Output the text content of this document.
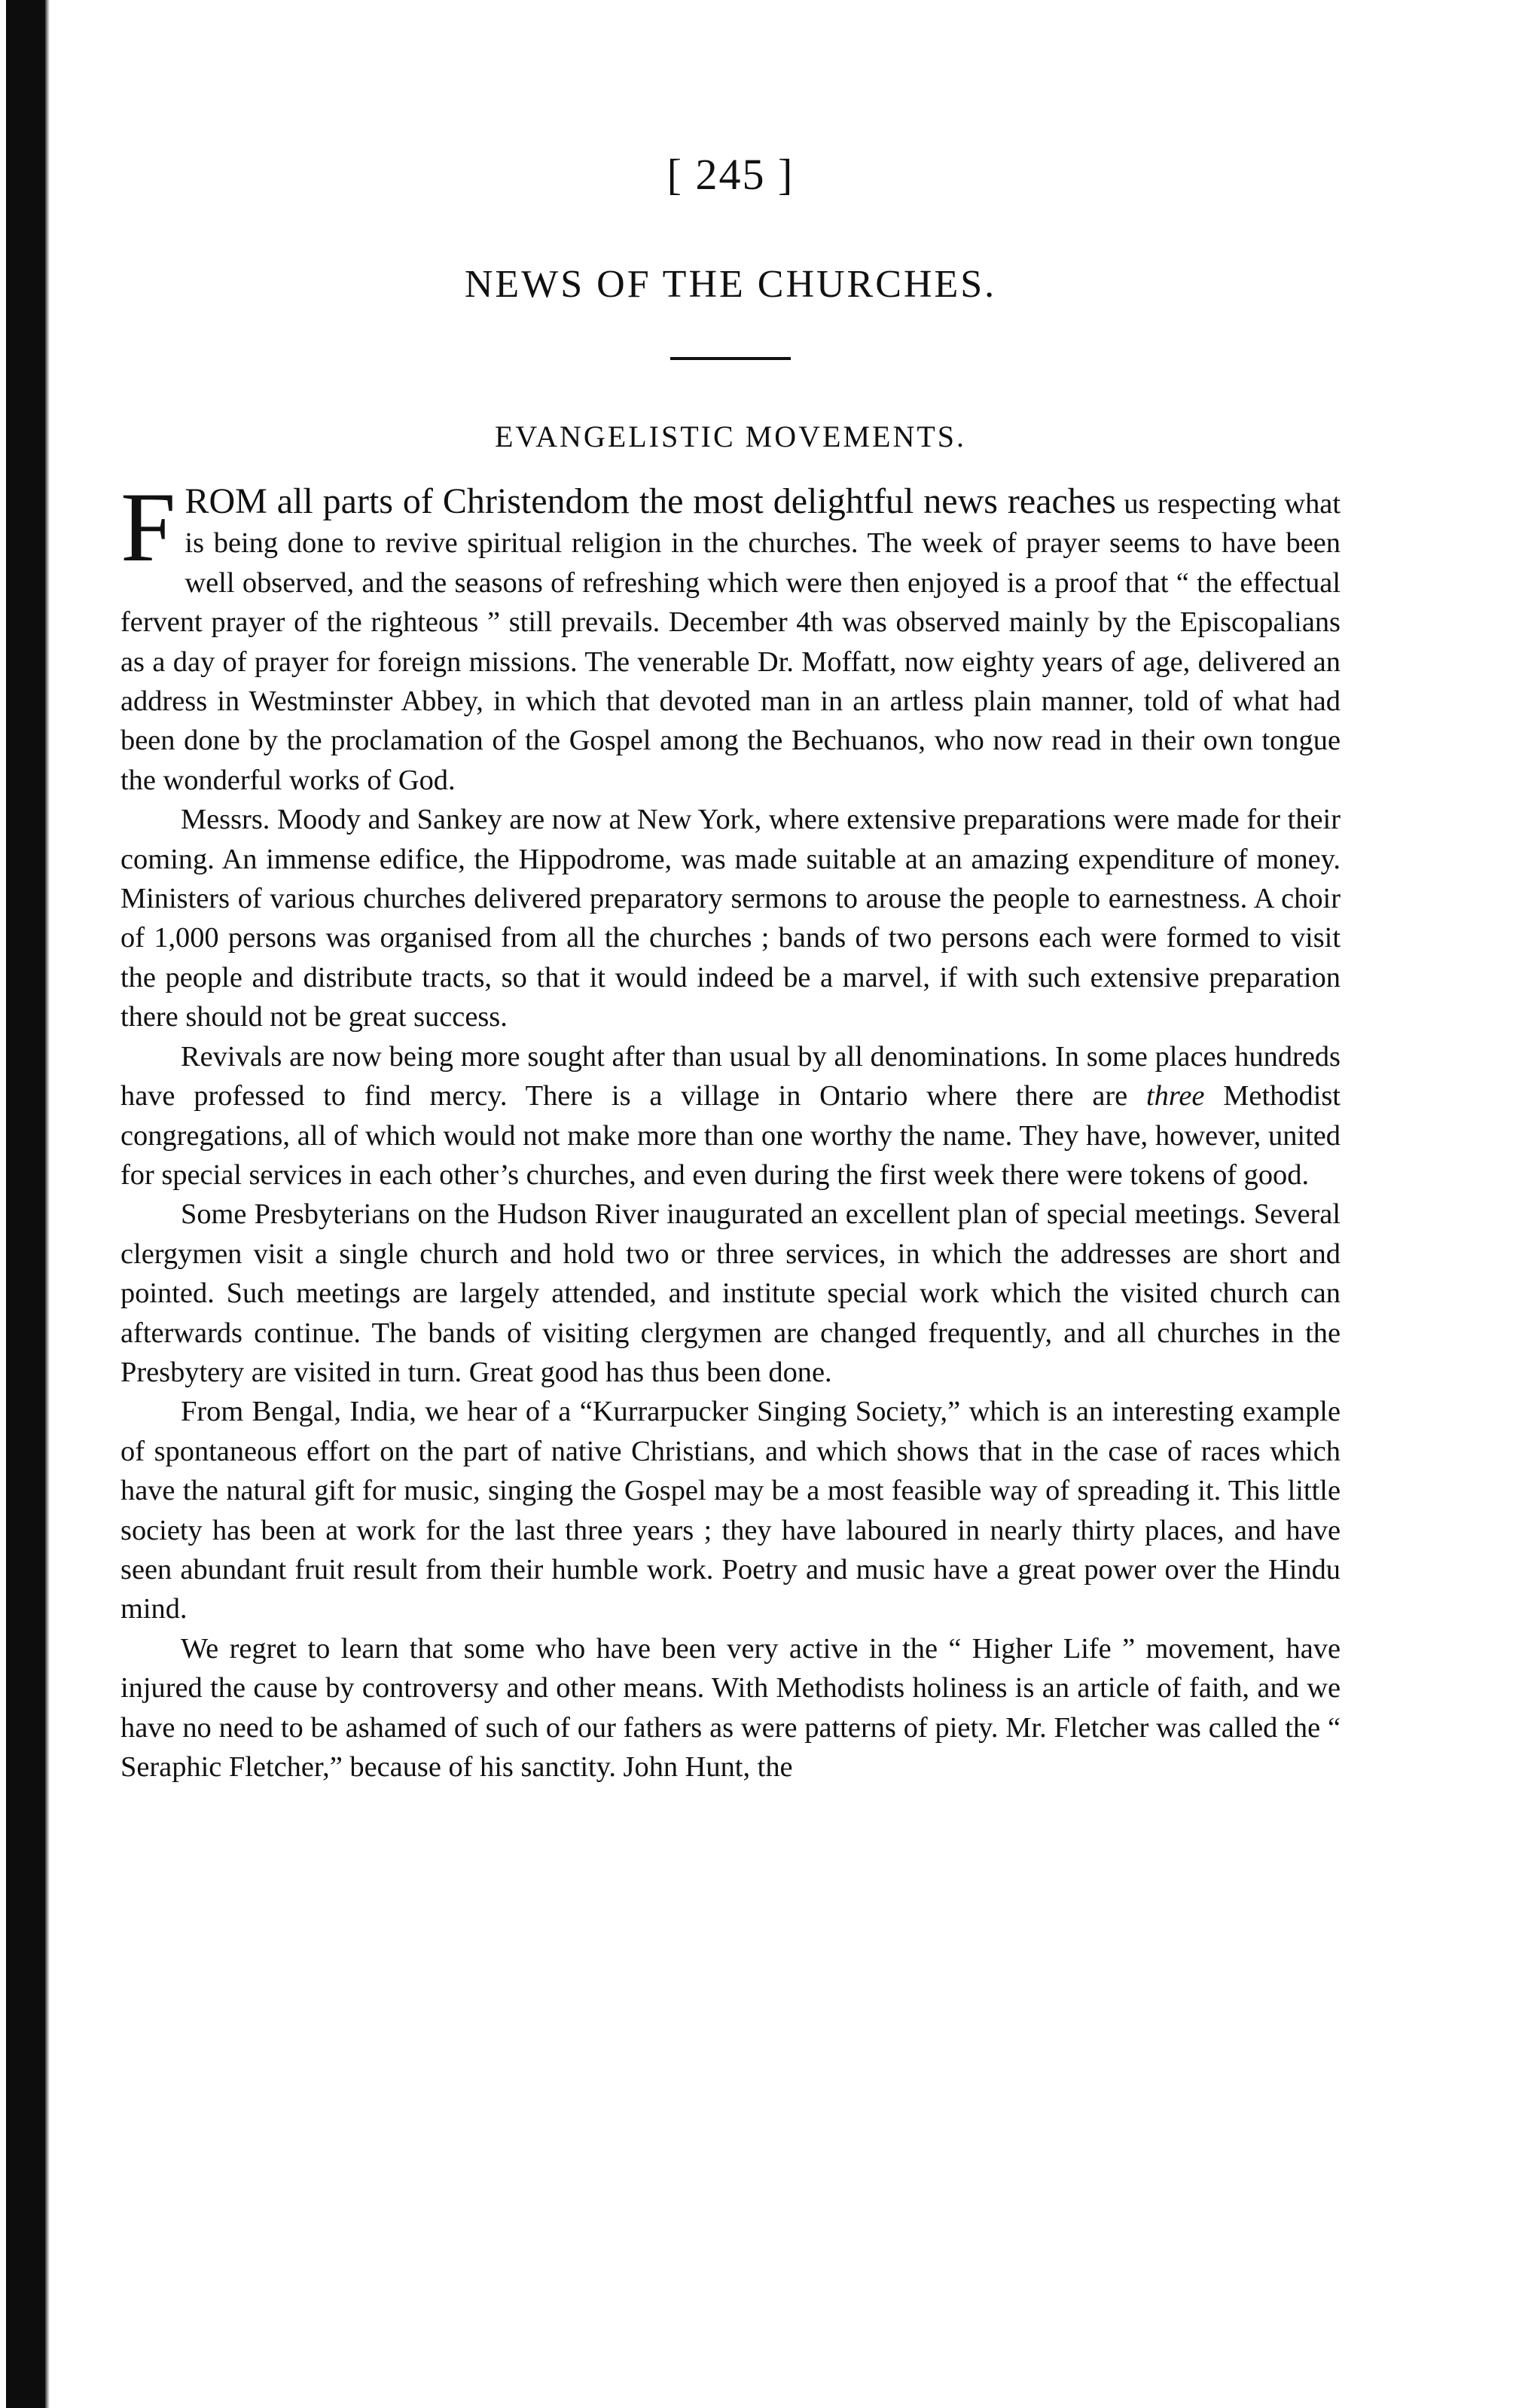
[ 245 ]
NEWS OF THE CHURCHES.
EVANGELISTIC MOVEMENTS.

FROM all parts of Christendom the most delightful news reaches us respecting what is being done to revive spiritual religion in the churches. The week of prayer seems to have been well observed, and the seasons of refreshing which were then enjoyed is a proof that “ the effectual fervent prayer of the righteous ” still prevails. December 4th was observed mainly by the Episcopalians as a day of prayer for foreign missions. The venerable Dr. Moffatt, now eighty years of age, delivered an address in Westminster Abbey, in which that devoted man in an artless plain manner, told of what had been done by the proclamation of the Gospel among the Bechuanos, who now read in their own tongue the wonderful works of God.

Messrs. Moody and Sankey are now at New York, where extensive preparations were made for their coming. An immense edifice, the Hippodrome, was made suitable at an amazing expenditure of money. Ministers of various churches delivered preparatory sermons to arouse the people to earnestness. A choir of 1,000 persons was organised from all the churches ; bands of two persons each were formed to visit the people and distribute tracts, so that it would indeed be a marvel, if with such extensive preparation there should not be great success.

Revivals are now being more sought after than usual by all denominations. In some places hundreds have professed to find mercy. There is a village in Ontario where there are three Methodist congregations, all of which would not make more than one worthy the name. They have, however, united for special services in each other’s churches, and even during the first week there were tokens of good.

Some Presbyterians on the Hudson River inaugurated an excellent plan of special meetings. Several clergymen visit a single church and hold two or three services, in which the addresses are short and pointed. Such meetings are largely attended, and institute special work which the visited church can afterwards continue. The bands of visiting clergymen are changed frequently, and all churches in the Presbytery are visited in turn. Great good has thus been done.

From Bengal, India, we hear of a “Kurrarpucker Singing Society,” which is an interesting example of spontaneous effort on the part of native Christians, and which shows that in the case of races which have the natural gift for music, singing the Gospel may be a most feasible way of spreading it. This little society has been at work for the last three years ; they have laboured in nearly thirty places, and have seen abundant fruit result from their humble work. Poetry and music have a great power over the Hindu mind.

We regret to learn that some who have been very active in the “ Higher Life ” movement, have injured the cause by controversy and other means. With Methodists holiness is an article of faith, and we have no need to be ashamed of such of our fathers as were patterns of piety. Mr. Fletcher was called the “ Seraphic Fletcher,” because of his sanctity. John Hunt, the
